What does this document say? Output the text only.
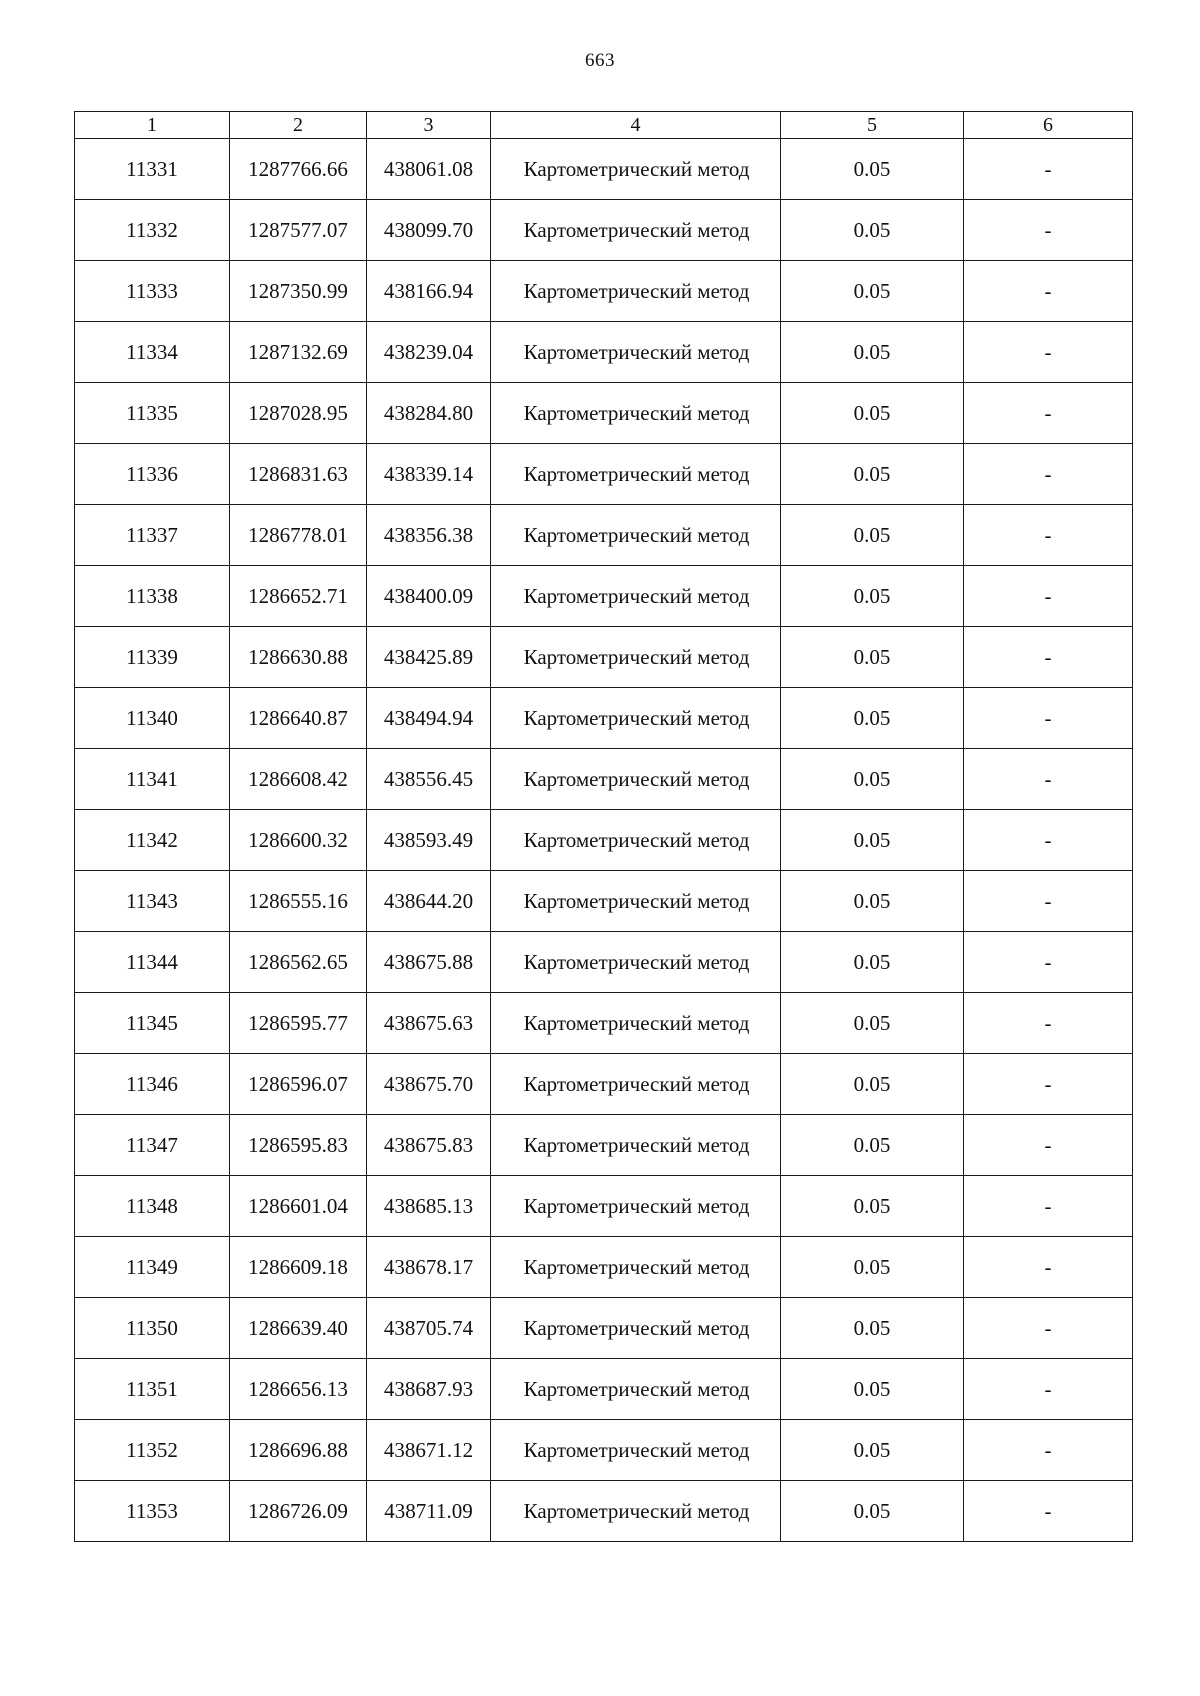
663
1	2	3	4	5	6
11331	1287766.66	438061.08	Картометрический метод	0.05	-
11332	1287577.07	438099.70	Картометрический метод	0.05	-
11333	1287350.99	438166.94	Картометрический метод	0.05	-
11334	1287132.69	438239.04	Картометрический метод	0.05	-
11335	1287028.95	438284.80	Картометрический метод	0.05	-
11336	1286831.63	438339.14	Картометрический метод	0.05	-
11337	1286778.01	438356.38	Картометрический метод	0.05	-
11338	1286652.71	438400.09	Картометрический метод	0.05	-
11339	1286630.88	438425.89	Картометрический метод	0.05	-
11340	1286640.87	438494.94	Картометрический метод	0.05	-
11341	1286608.42	438556.45	Картометрический метод	0.05	-
11342	1286600.32	438593.49	Картометрический метод	0.05	-
11343	1286555.16	438644.20	Картометрический метод	0.05	-
11344	1286562.65	438675.88	Картометрический метод	0.05	-
11345	1286595.77	438675.63	Картометрический метод	0.05	-
11346	1286596.07	438675.70	Картометрический метод	0.05	-
11347	1286595.83	438675.83	Картометрический метод	0.05	-
11348	1286601.04	438685.13	Картометрический метод	0.05	-
11349	1286609.18	438678.17	Картометрический метод	0.05	-
11350	1286639.40	438705.74	Картометрический метод	0.05	-
11351	1286656.13	438687.93	Картометрический метод	0.05	-
11352	1286696.88	438671.12	Картометрический метод	0.05	-
11353	1286726.09	438711.09	Картометрический метод	0.05	-
